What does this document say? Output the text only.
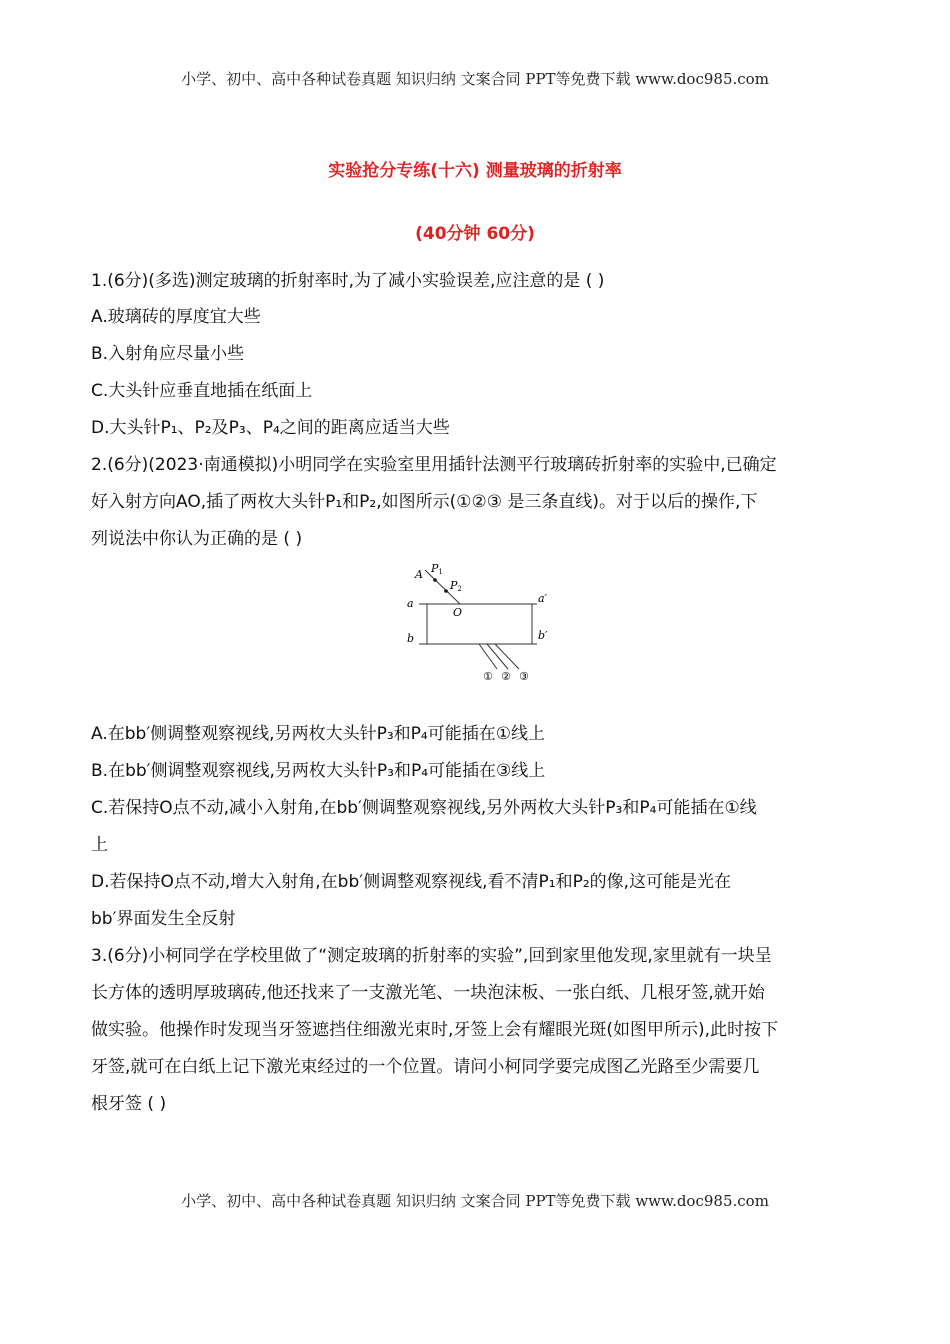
小学、初中、高中各种试卷真题 知识归纳 文案合同 PPT等免费下载 www.doc985.com
实验抢分专练(十六) 测量玻璃的折射率
(40分钟 60分)
1.(6分)(多选)测定玻璃的折射率时,为了减小实验误差,应注意的是 ( )
A.玻璃砖的厚度宜大些
B.入射角应尽量小些
C.大头针应垂直地插在纸面上
D.大头针P₁、P₂及P₃、P₄之间的距离应适当大些
2.(6分)(2023·南通模拟)小明同学在实验室里用插针法测平行玻璃砖折射率的实验中,已确定
好入射方向AO,插了两枚大头针P₁和P₂,如图所示(①②③ 是三条直线)。对于以后的操作,下
列说法中你认为正确的是 ( )
A P1
P2
O
a	a′
b	b′
① ② ③
A.在bb′侧调整观察视线,另两枚大头针P₃和P₄可能插在①线上
B.在bb′侧调整观察视线,另两枚大头针P₃和P₄可能插在③线上
C.若保持O点不动,减小入射角,在bb′侧调整观察视线,另外两枚大头针P₃和P₄可能插在①线
上
D.若保持O点不动,增大入射角,在bb′侧调整观察视线,看不清P₁和P₂的像,这可能是光在
bb′界面发生全反射
3.(6分)小柯同学在学校里做了“测定玻璃的折射率的实验”,回到家里他发现,家里就有一块呈
长方体的透明厚玻璃砖,他还找来了一支激光笔、一块泡沫板、一张白纸、几根牙签,就开始
做实验。他操作时发现当牙签遮挡住细激光束时,牙签上会有耀眼光斑(如图甲所示),此时按下
牙签,就可在白纸上记下激光束经过的一个位置。请问小柯同学要完成图乙光路至少需要几
根牙签 ( )
小学、初中、高中各种试卷真题 知识归纳 文案合同 PPT等免费下载 www.doc985.com
